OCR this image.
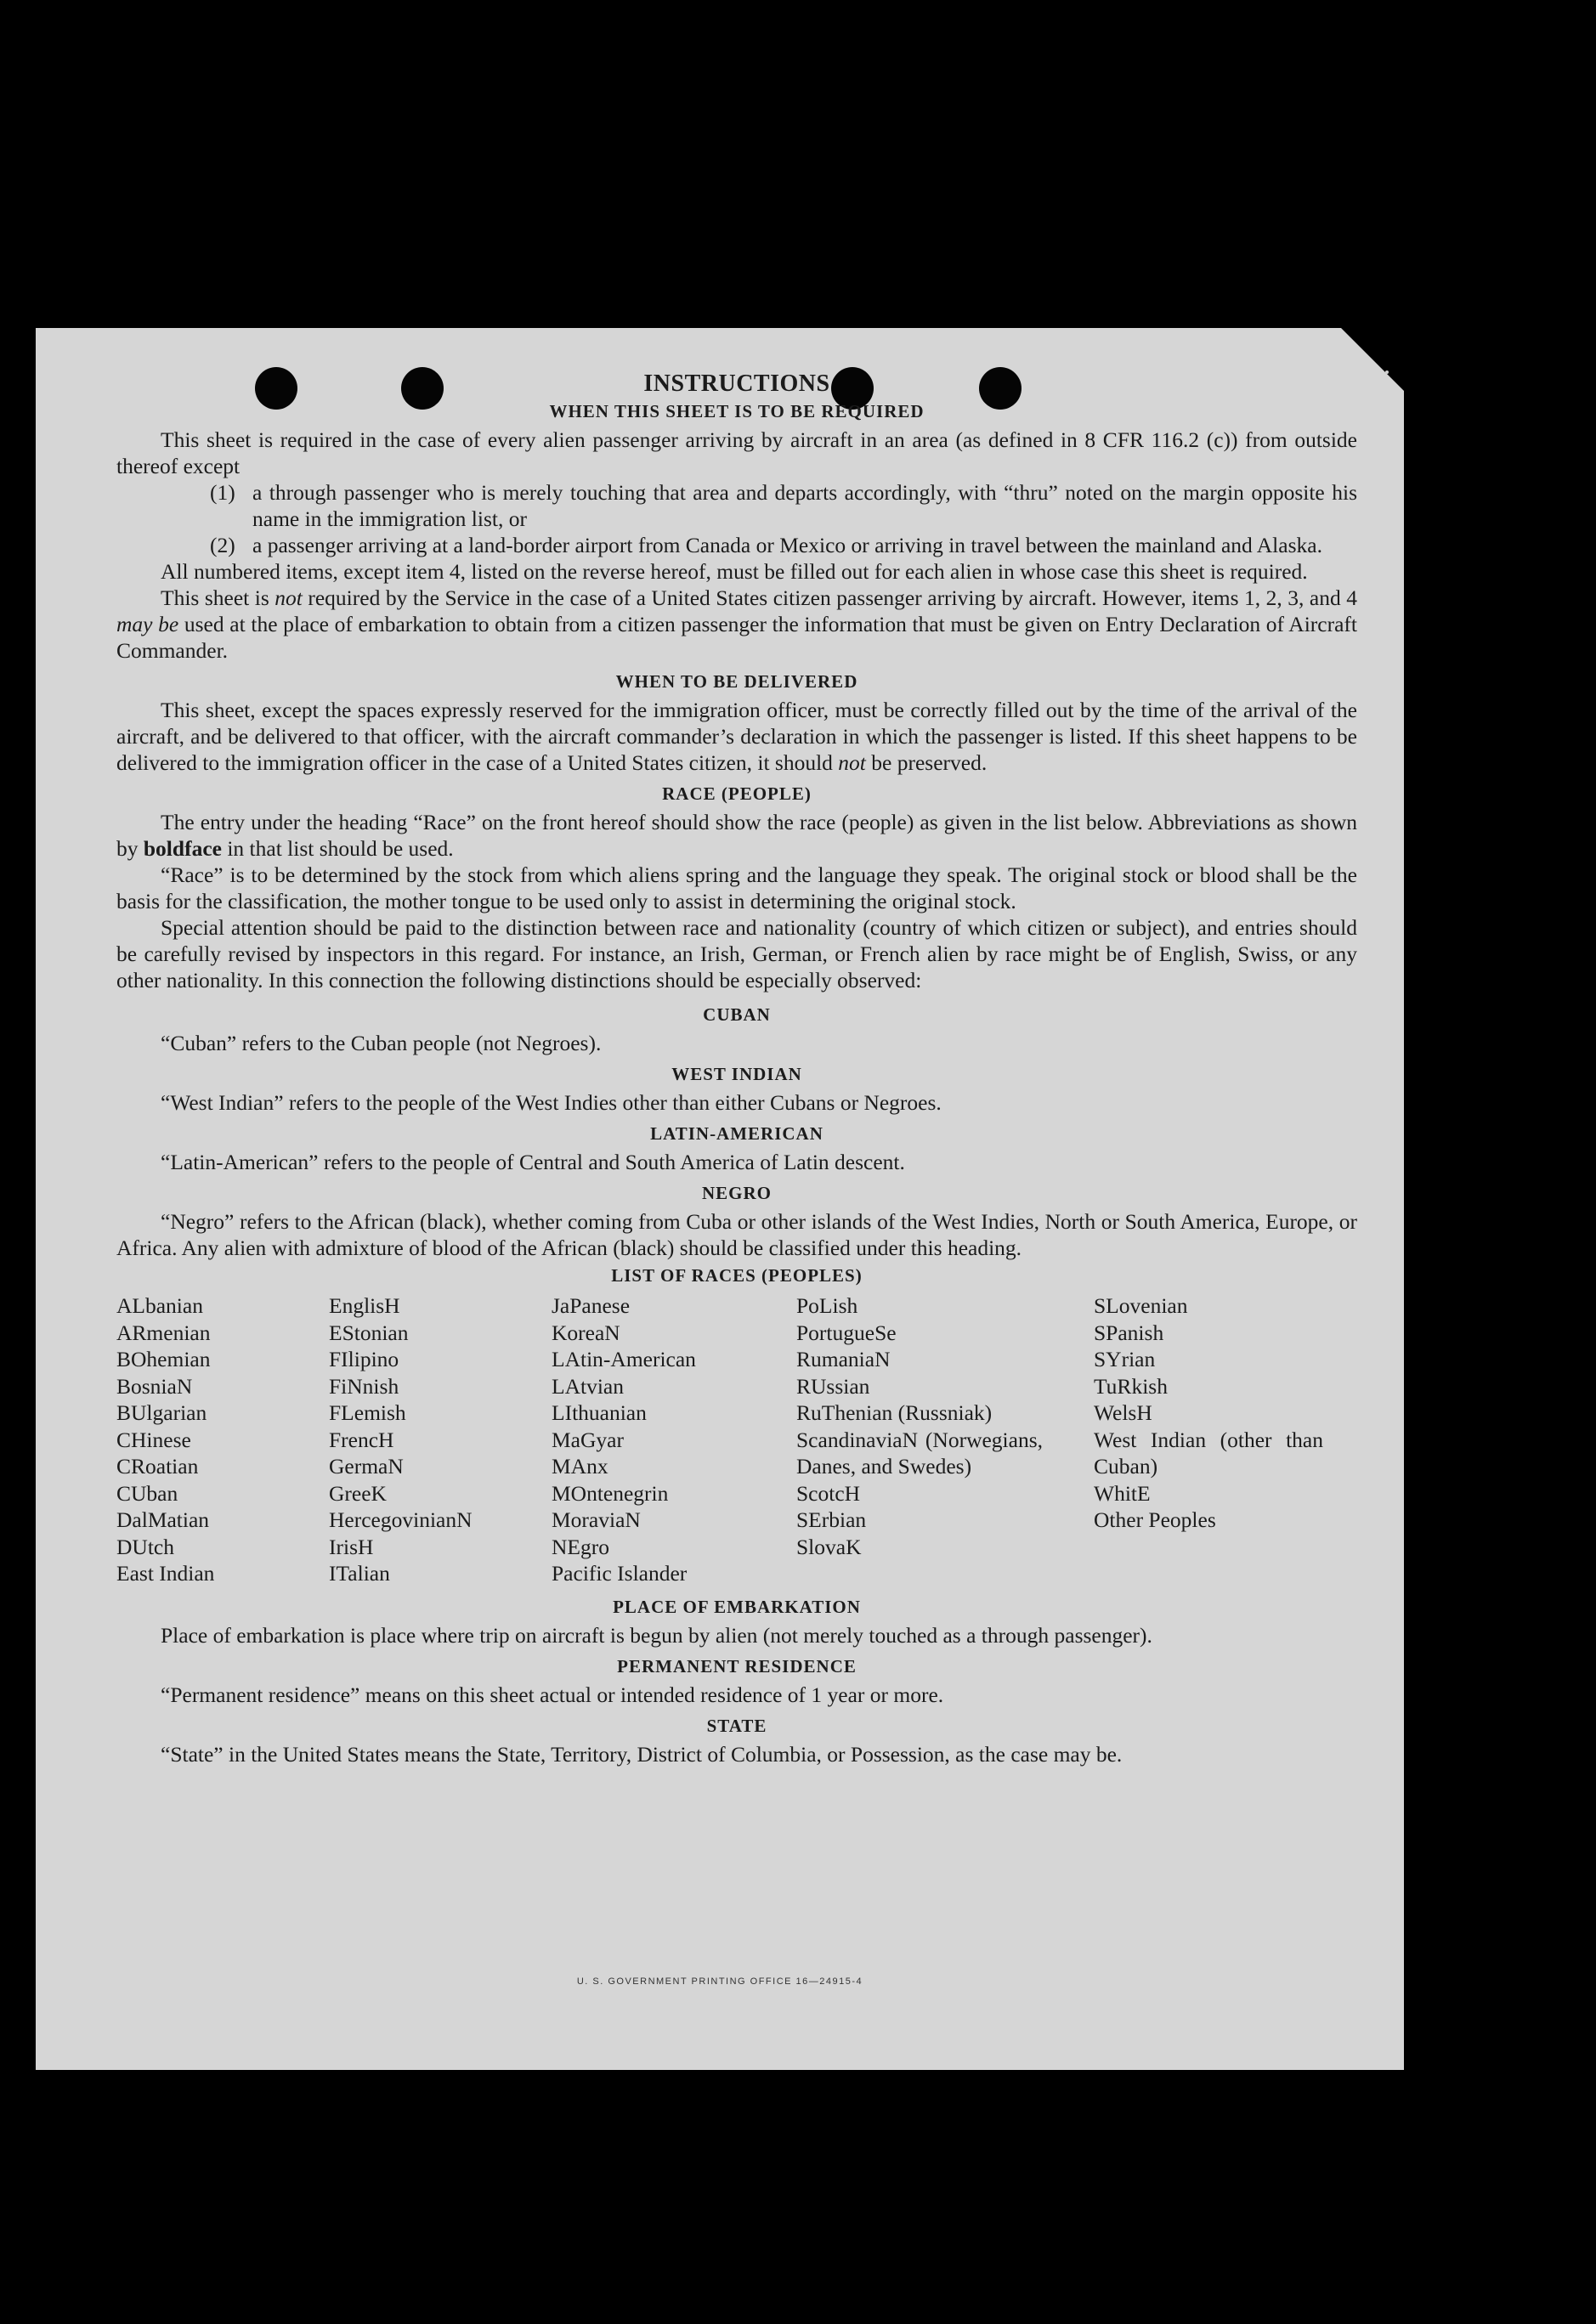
INSTRUCTIONS
WHEN THIS SHEET IS TO BE REQUIRED

This sheet is required in the case of every alien passenger arriving by aircraft in an area (as defined in 8 CFR 116.2 (c)) from outside thereof except

(1) a through passenger who is merely touching that area and departs accordingly, with “thru” noted on the margin opposite his name in the immigration list, or

(2) a passenger arriving at a land-border airport from Canada or Mexico or arriving in travel between the mainland and Alaska.

All numbered items, except item 4, listed on the reverse hereof, must be filled out for each alien in whose case this sheet is required.

This sheet is not required by the Service in the case of a United States citizen passenger arriving by aircraft. However, items 1, 2, 3, and 4 may be used at the place of embarkation to obtain from a citizen passenger the information that must be given on Entry Declaration of Aircraft Commander.

WHEN TO BE DELIVERED

This sheet, except the spaces expressly reserved for the immigration officer, must be correctly filled out by the time of the arrival of the aircraft, and be delivered to that officer, with the aircraft commander’s declaration in which the passenger is listed. If this sheet happens to be delivered to the immigration officer in the case of a United States citizen, it should not be preserved.

RACE (PEOPLE)

The entry under the heading “Race” on the front hereof should show the race (people) as given in the list below. Abbreviations as shown by boldface in that list should be used.

“Race” is to be determined by the stock from which aliens spring and the language they speak. The original stock or blood shall be the basis for the classification, the mother tongue to be used only to assist in determining the original stock.

Special attention should be paid to the distinction between race and nationality (country of which citizen or subject), and entries should be carefully revised by inspectors in this regard. For instance, an Irish, German, or French alien by race might be of English, Swiss, or any other nationality. In this connection the following distinctions should be especially observed:

CUBAN

“Cuban” refers to the Cuban people (not Negroes).

WEST INDIAN

“West Indian” refers to the people of the West Indies other than either Cubans or Negroes.

LATIN-AMERICAN

“Latin-American” refers to the people of Central and South America of Latin descent.

NEGRO

“Negro” refers to the African (black), whether coming from Cuba or other islands of the West Indies, North or South America, Europe, or Africa. Any alien with admixture of blood of the African (black) should be classified under this heading.

LIST OF RACES (PEOPLES)
ALbanian
ARmenian
BOhemian
BosniaN
BUlgarian
CHinese
CRoatian
CUban
DalMatian
DUtch
East Indian
EnglisH
EStonian
FIlipino
FiNnish
FLemish
FrencH
GermaN
GreeK
HercegovinianN
IrisH
ITalian
JaPanese
KoreaN
LAtin-American
LAtvian
LIthuanian
MaGyar
MAnx
MOntenegrin
MoraviaN
NEgro
Pacific Islander
PoLish
PortugueSe
RumaniaN
RUssian
RuThenian (Russniak)
ScandinaviaN (Norwegians, Danes, and Swedes)
ScotcH
SErbian
SlovaK
SLovenian
SPanish
SYrian
TuRkish
WelsH
West Indian (other than Cuban)
WhitE
Other Peoples
PLACE OF EMBARKATION

Place of embarkation is place where trip on aircraft is begun by alien (not merely touched as a through passenger).

PERMANENT RESIDENCE

“Permanent residence” means on this sheet actual or intended residence of 1 year or more.

STATE

“State” in the United States means the State, Territory, District of Columbia, or Possession, as the case may be.

U. S. GOVERNMENT PRINTING OFFICE 16—24915-4
